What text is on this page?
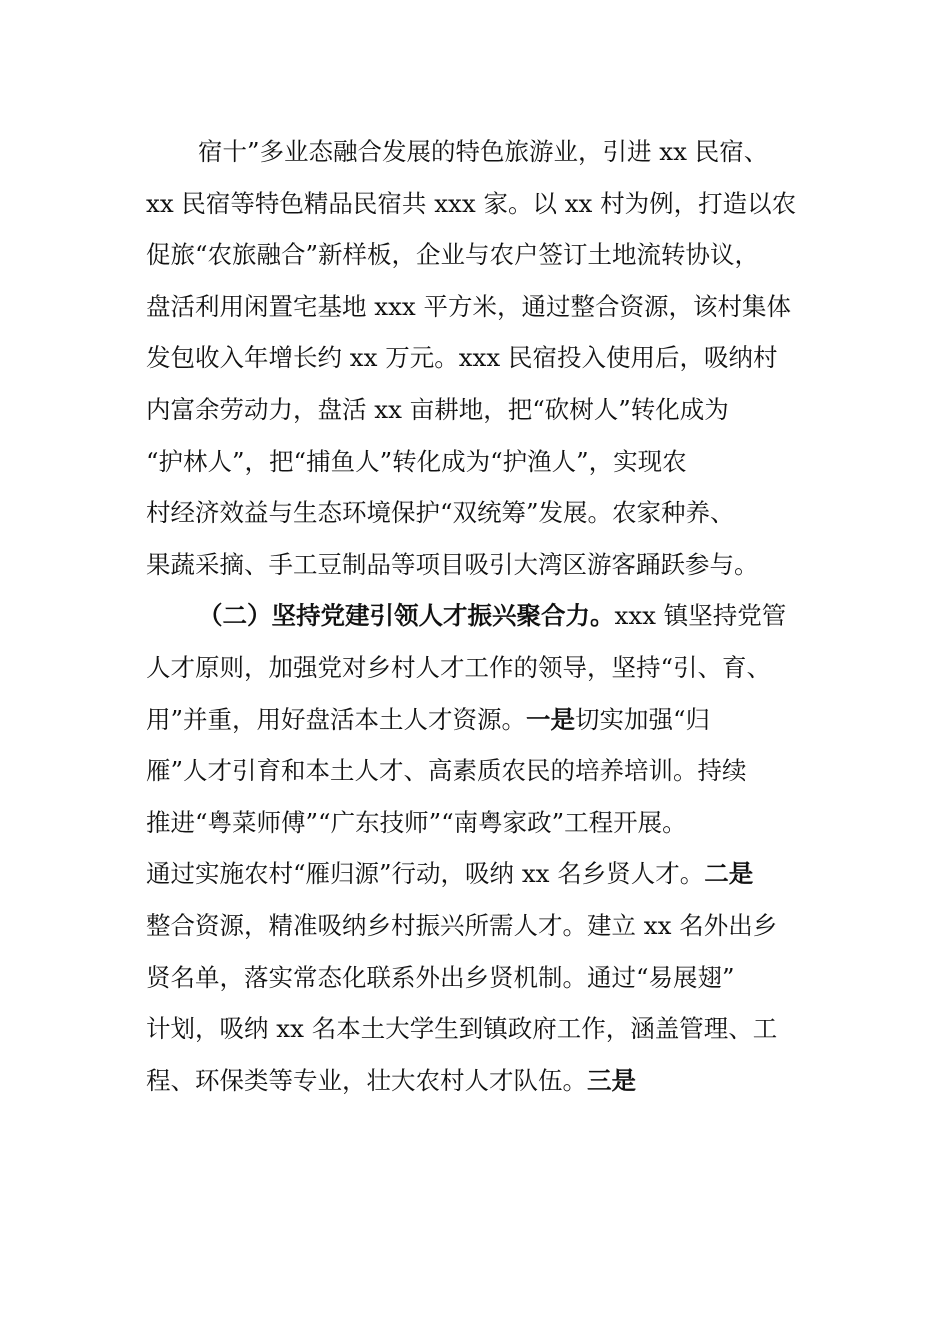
宿十”多业态融合发展的特色旅游业，引进 xx 民宿、
xx 民宿等特色精品民宿共 xxx 家。以 xx 村为例，打造以农
促旅“农旅融合”新样板，企业与农户签订土地流转协议，
盘活利用闲置宅基地 xxx 平方米，通过整合资源，该村集体
发包收入年增长约 xx 万元。xxx 民宿投入使用后，吸纳村
内富余劳动力，盘活 xx 亩耕地，把“砍树人”转化成为
“护林人”，把“捕鱼人”转化成为“护渔人”，实现农
村经济效益与生态环境保护“双统筹”发展。农家种养、
果蔬采摘、手工豆制品等项目吸引大湾区游客踊跃参与。
（二）坚持党建引领人才振兴聚合力。xxx 镇坚持党管
人才原则，加强党对乡村人才工作的领导，坚持“引、育、
用”并重，用好盘活本土人才资源。一是切实加强“归
雁”人才引育和本土人才、高素质农民的培养培训。持续
推进“粤菜师傅”“广东技师”“南粤家政”工程开展。
通过实施农村“雁归源”行动，吸纳 xx 名乡贤人才。二是
整合资源，精准吸纳乡村振兴所需人才。建立 xx 名外出乡
贤名单，落实常态化联系外出乡贤机制。通过“易展翅”
计划，吸纳 xx 名本土大学生到镇政府工作，涵盖管理、工
程、环保类等专业，壮大农村人才队伍。三是
